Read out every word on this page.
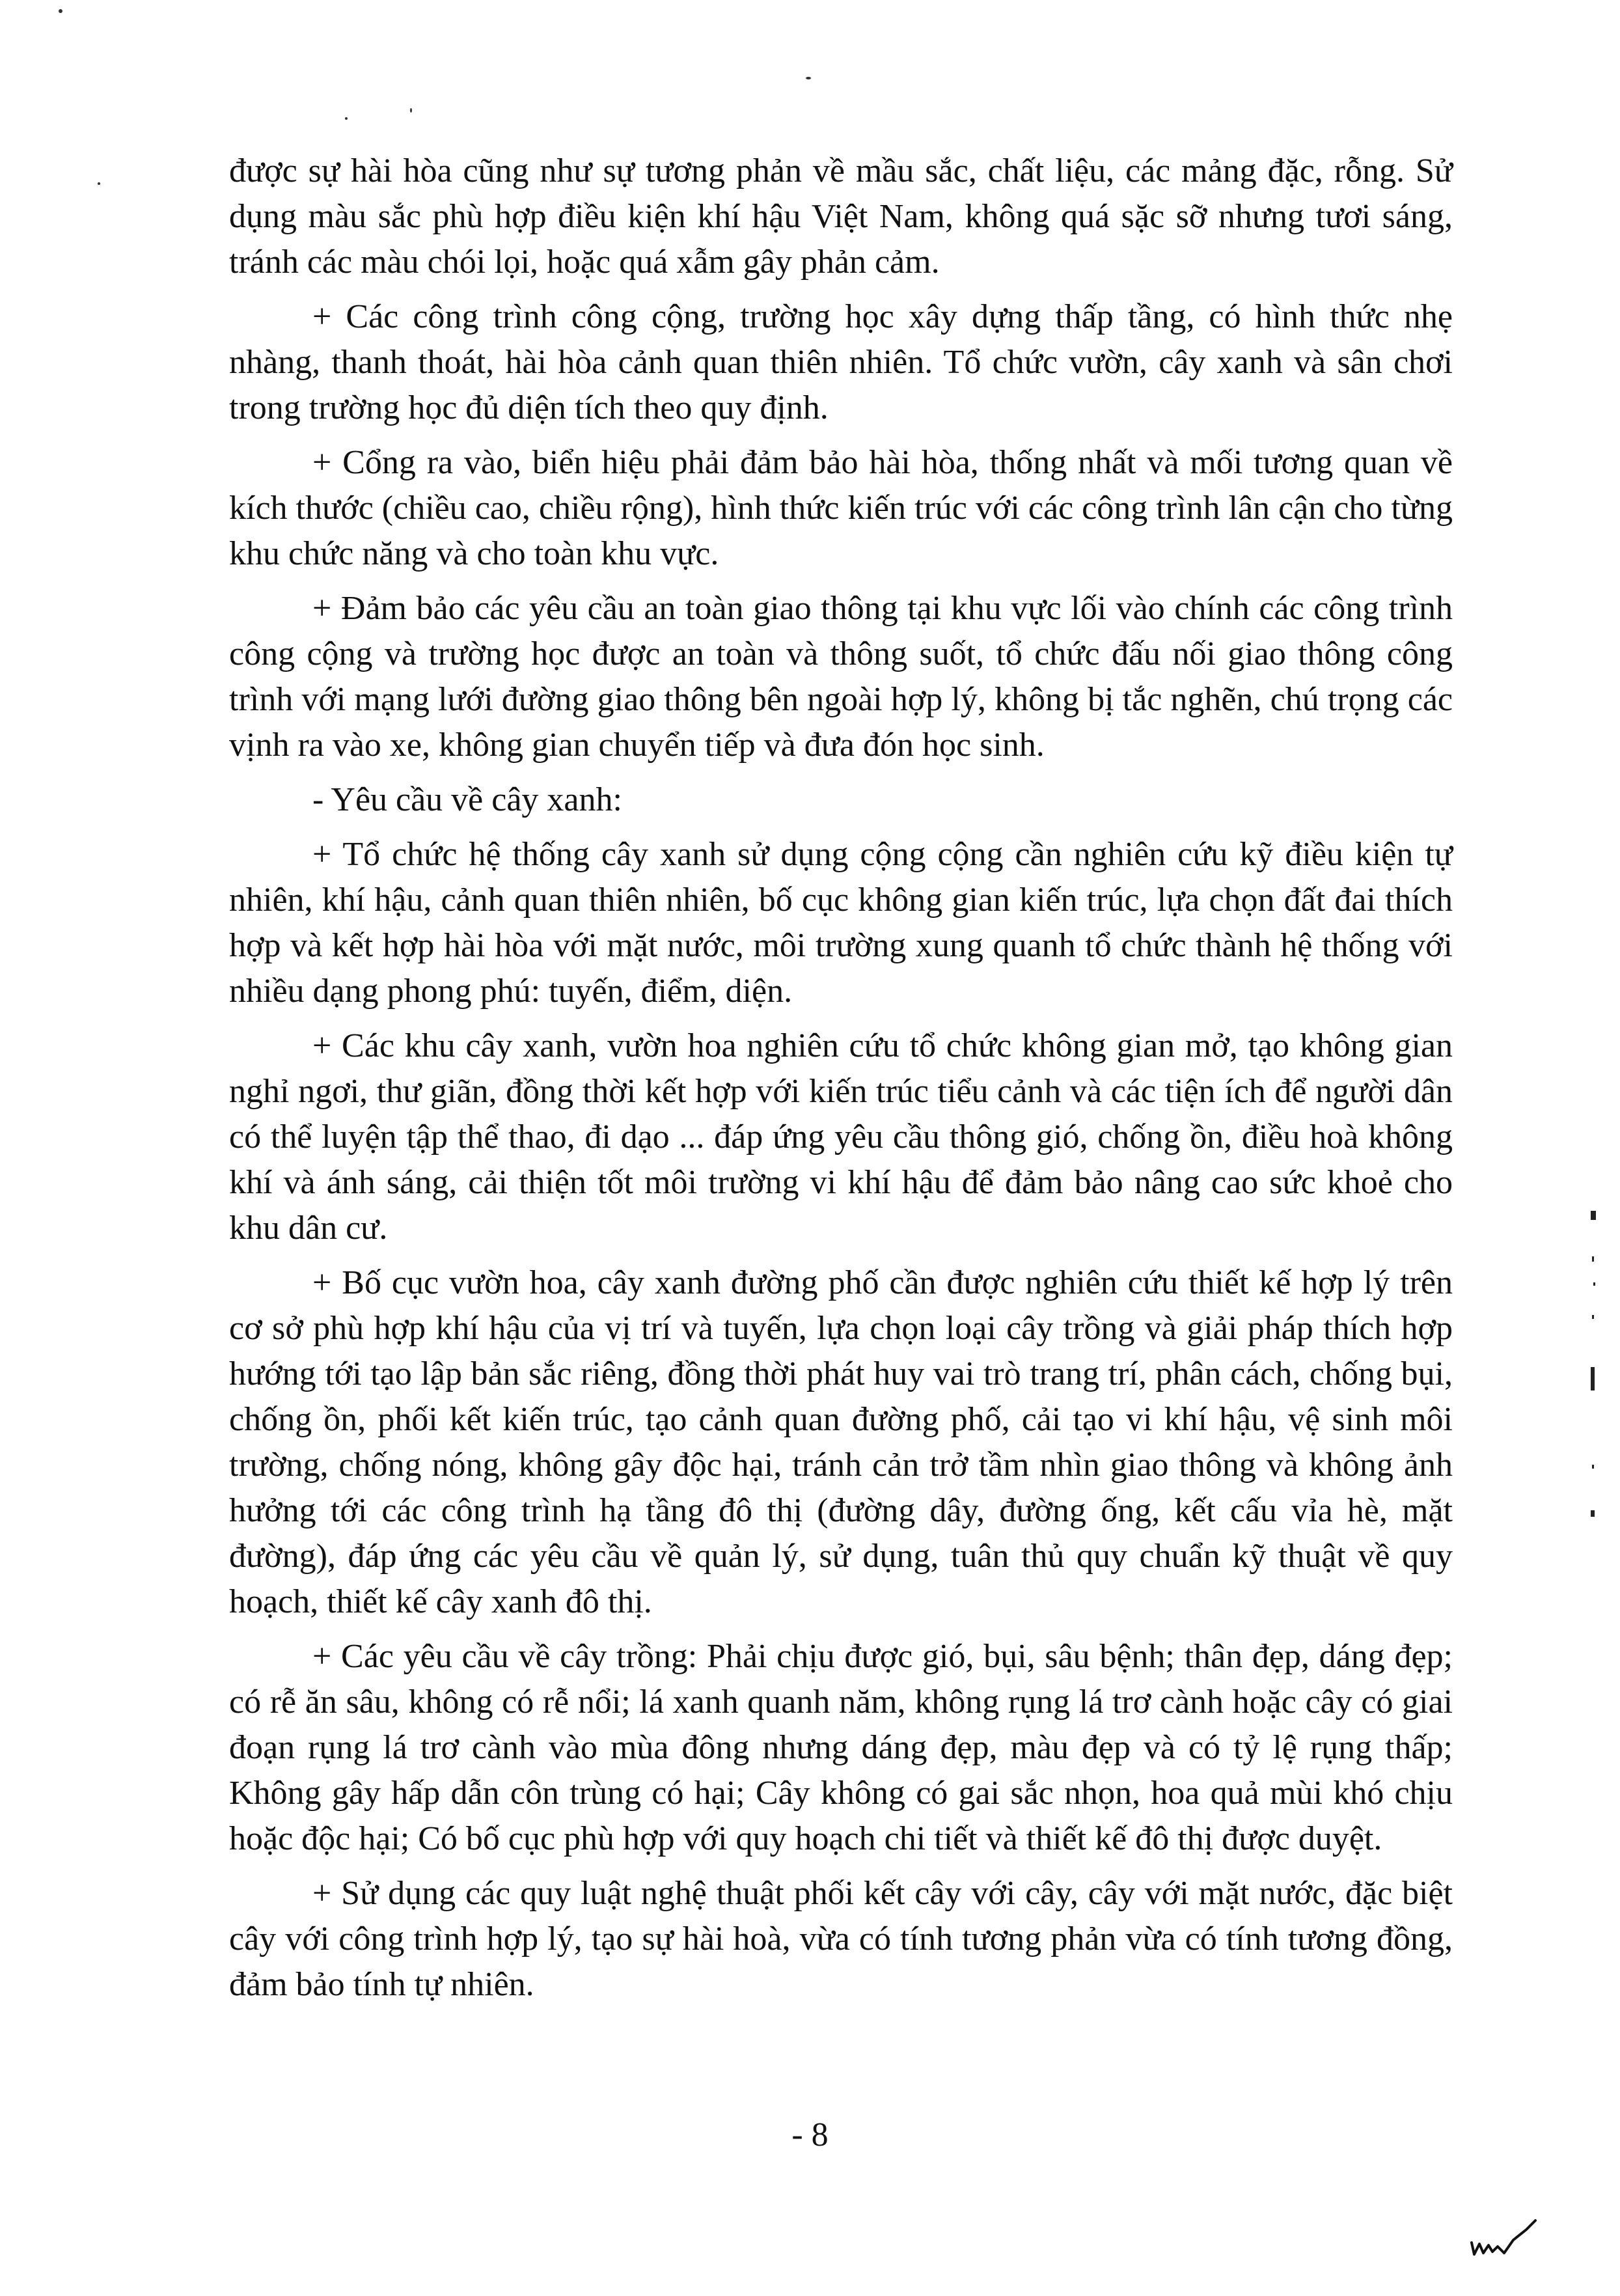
được sự hài hòa cũng như sự tương phản về mầu sắc, chất liệu, các mảng đặc, rỗng. Sử dụng màu sắc phù hợp điều kiện khí hậu Việt Nam, không quá sặc sỡ nhưng tươi sáng, tránh các màu chói lọi, hoặc quá xẫm gây phản cảm.

+ Các công trình công cộng, trường học xây dựng thấp tầng, có hình thức nhẹ nhàng, thanh thoát, hài hòa cảnh quan thiên nhiên. Tổ chức vườn, cây xanh và sân chơi trong trường học đủ diện tích theo quy định.

+ Cổng ra vào, biển hiệu phải đảm bảo hài hòa, thống nhất và mối tương quan về kích thước (chiều cao, chiều rộng), hình thức kiến trúc với các công trình lân cận cho từng khu chức năng và cho toàn khu vực.

+ Đảm bảo các yêu cầu an toàn giao thông tại khu vực lối vào chính các công trình công cộng và trường học được an toàn và thông suốt, tổ chức đấu nối giao thông công trình với mạng lưới đường giao thông bên ngoài hợp lý, không bị tắc nghẽn, chú trọng các vịnh ra vào xe, không gian chuyển tiếp và đưa đón học sinh.

- Yêu cầu về cây xanh:

+ Tổ chức hệ thống cây xanh sử dụng cộng cộng cần nghiên cứu kỹ điều kiện tự nhiên, khí hậu, cảnh quan thiên nhiên, bố cục không gian kiến trúc, lựa chọn đất đai thích hợp và kết hợp hài hòa với mặt nước, môi trường xung quanh tổ chức thành hệ thống với nhiều dạng phong phú: tuyến, điểm, diện.

+ Các khu cây xanh, vườn hoa nghiên cứu tổ chức không gian mở, tạo không gian nghỉ ngơi, thư giãn, đồng thời kết hợp với kiến trúc tiểu cảnh và các tiện ích để người dân có thể luyện tập thể thao, đi dạo ... đáp ứng yêu cầu thông gió, chống ồn, điều hoà không khí và ánh sáng, cải thiện tốt môi trường vi khí hậu để đảm bảo nâng cao sức khoẻ cho khu dân cư.

+ Bố cục vườn hoa, cây xanh đường phố cần được nghiên cứu thiết kế hợp lý trên cơ sở phù hợp khí hậu của vị trí và tuyến, lựa chọn loại cây trồng và giải pháp thích hợp hướng tới tạo lập bản sắc riêng, đồng thời phát huy vai trò trang trí, phân cách, chống bụi, chống ồn, phối kết kiến trúc, tạo cảnh quan đường phố, cải tạo vi khí hậu, vệ sinh môi trường, chống nóng, không gây độc hại, tránh cản trở tầm nhìn giao thông và không ảnh hưởng tới các công trình hạ tầng đô thị (đường dây, đường ống, kết cấu vỉa hè, mặt đường), đáp ứng các yêu cầu về quản lý, sử dụng, tuân thủ quy chuẩn kỹ thuật về quy hoạch, thiết kế cây xanh đô thị.

+ Các yêu cầu về cây trồng: Phải chịu được gió, bụi, sâu bệnh; thân đẹp, dáng đẹp; có rễ ăn sâu, không có rễ nổi; lá xanh quanh năm, không rụng lá trơ cành hoặc cây có giai đoạn rụng lá trơ cành vào mùa đông nhưng dáng đẹp, màu đẹp và có tỷ lệ rụng thấp; Không gây hấp dẫn côn trùng có hại; Cây không có gai sắc nhọn, hoa quả mùi khó chịu hoặc độc hại; Có bố cục phù hợp với quy hoạch chi tiết và thiết kế đô thị được duyệt.

+ Sử dụng các quy luật nghệ thuật phối kết cây với cây, cây với mặt nước, đặc biệt cây với công trình hợp lý, tạo sự hài hoà, vừa có tính tương phản vừa có tính tương đồng, đảm bảo tính tự nhiên.

- 8
